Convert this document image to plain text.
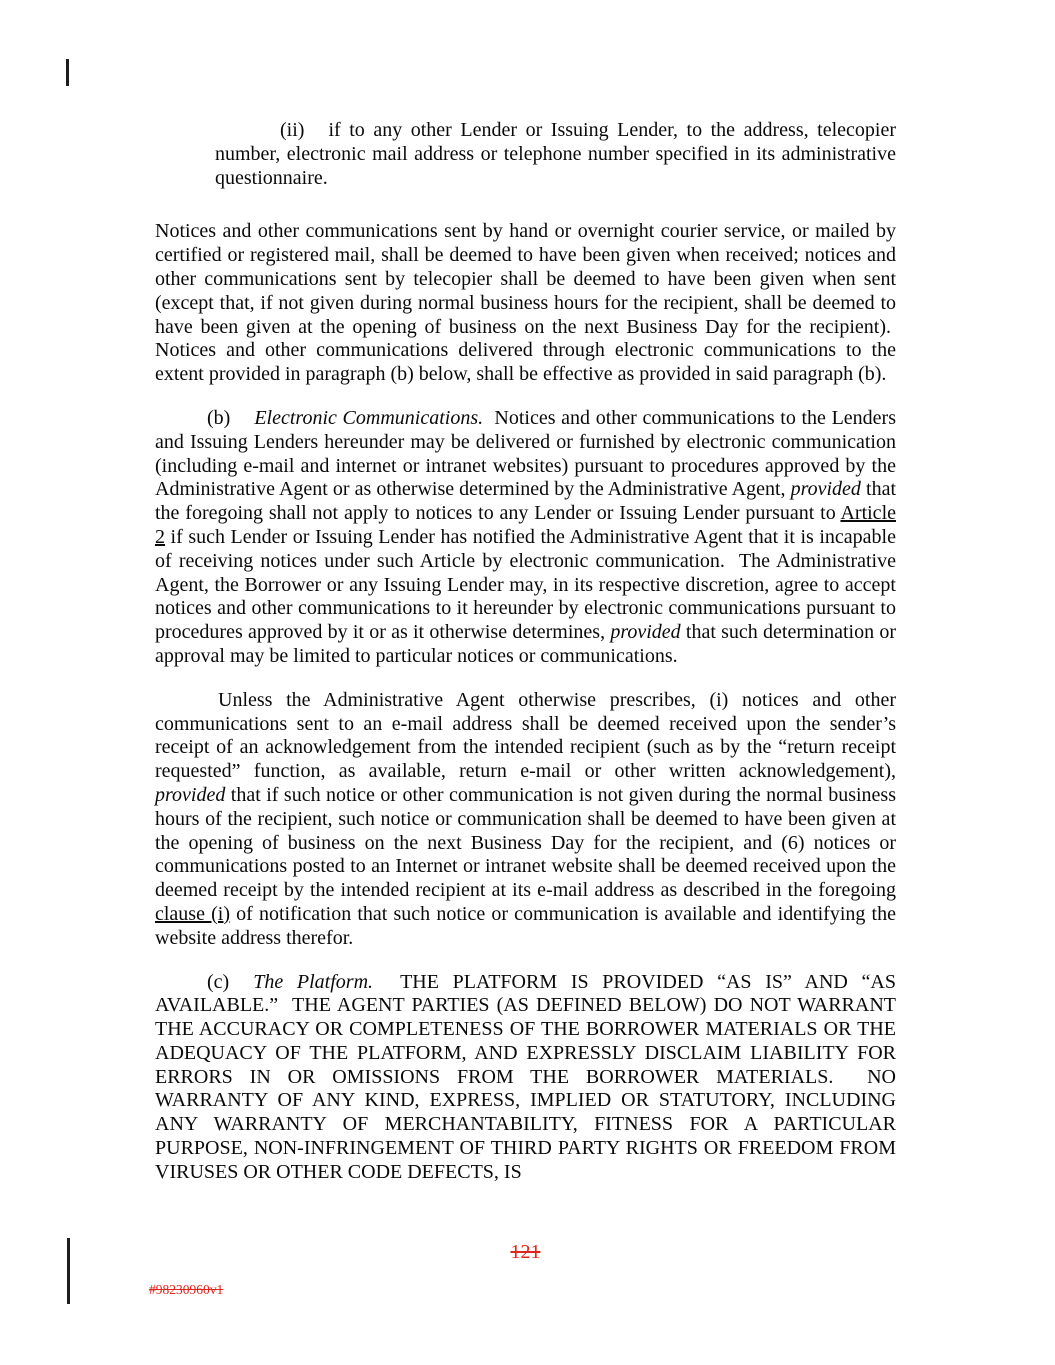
(ii) if to any other Lender or Issuing Lender, to the address, telecopier number, electronic mail address or telephone number specified in its administrative questionnaire.

Notices and other communications sent by hand or overnight courier service, or mailed by certified or registered mail, shall be deemed to have been given when received; notices and other communications sent by telecopier shall be deemed to have been given when sent (except that, if not given during normal business hours for the recipient, shall be deemed to have been given at the opening of business on the next Business Day for the recipient).  Notices and other communications delivered through electronic communications to the extent provided in paragraph (b) below, shall be effective as provided in said paragraph (b).

(b) Electronic Communications.  Notices and other communications to the Lenders and Issuing Lenders hereunder may be delivered or furnished by electronic communication (including e-mail and internet or intranet websites) pursuant to procedures approved by the Administrative Agent or as otherwise determined by the Administrative Agent, provided that the foregoing shall not apply to notices to any Lender or Issuing Lender pursuant to Article 2 if such Lender or Issuing Lender has notified the Administrative Agent that it is incapable of receiving notices under such Article by electronic communication.  The Administrative Agent, the Borrower or any Issuing Lender may, in its respective discretion, agree to accept notices and other communications to it hereunder by electronic communications pursuant to procedures approved by it or as it otherwise determines, provided that such determination or approval may be limited to particular notices or communications.

Unless the Administrative Agent otherwise prescribes, (i) notices and other communications sent to an e-mail address shall be deemed received upon the sender’s receipt of an acknowledgement from the intended recipient (such as by the “return receipt requested” function, as available, return e-mail or other written acknowledgement), provided that if such notice or other communication is not given during the normal business hours of the recipient, such notice or communication shall be deemed to have been given at the opening of business on the next Business Day for the recipient, and (6) notices or communications posted to an Internet or intranet website shall be deemed received upon the deemed receipt by the intended recipient at its e-mail address as described in the foregoing clause (i) of notification that such notice or communication is available and identifying the website address therefor.

(c) The Platform.  THE PLATFORM IS PROVIDED “AS IS” AND “AS AVAILABLE.”  THE AGENT PARTIES (AS DEFINED BELOW) DO NOT WARRANT THE ACCURACY OR COMPLETENESS OF THE BORROWER MATERIALS OR THE ADEQUACY OF THE PLATFORM, AND EXPRESSLY DISCLAIM LIABILITY FOR ERRORS IN OR OMISSIONS FROM THE BORROWER MATERIALS.  NO WARRANTY OF ANY KIND, EXPRESS, IMPLIED OR STATUTORY, INCLUDING ANY WARRANTY OF MERCHANTABILITY, FITNESS FOR A PARTICULAR PURPOSE, NON-INFRINGEMENT OF THIRD PARTY RIGHTS OR FREEDOM FROM VIRUSES OR OTHER CODE DEFECTS, IS

121
#98230960v1
